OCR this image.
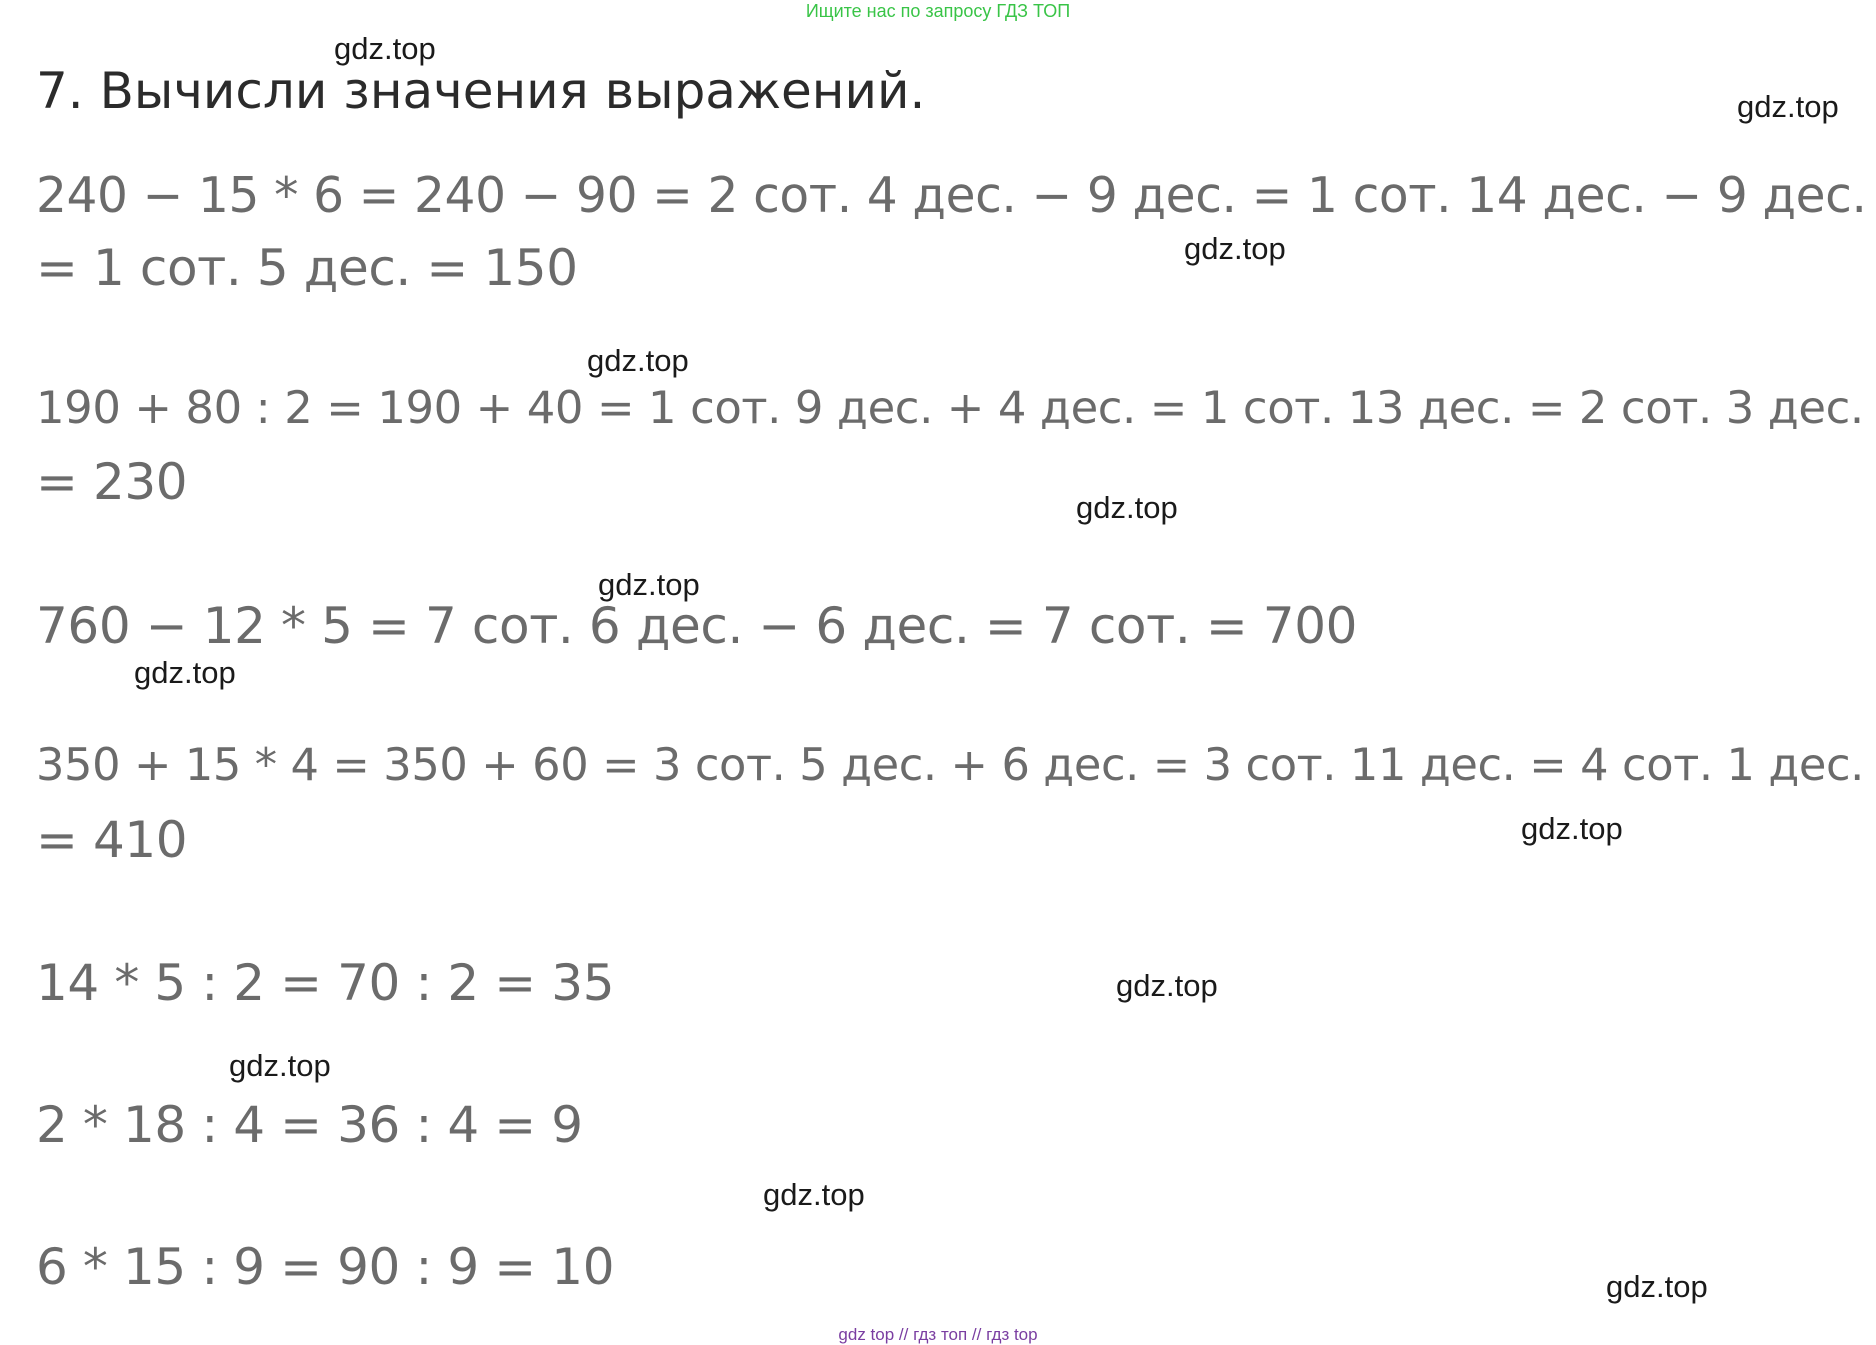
Ищите нас по запросу ГДЗ ТОП
gdz.top
7. Вычисли значения выражений.	gdz.top
240 − 15 * 6 = 240 − 90 = 2 сот. 4 дес. − 9 дес. = 1 сот. 14 дес. − 9 дес.
= 1 сот. 5 дес. = 150	gdz.top
gdz.top
190 + 80 : 2 = 190 + 40 = 1 сот. 9 дес. + 4 дес. = 1 сот. 13 дес. = 2 сот. 3 дес.
= 230	gdz.top
gdz.top
760 − 12 * 5 = 7 сот. 6 дес. − 6 дес. = 7 сот. = 700
gdz.top
350 + 15 * 4 = 350 + 60 = 3 сот. 5 дес. + 6 дес. = 3 сот. 11 дес. = 4 сот. 1 дес.
= 410	gdz.top
gdz.top
14 * 5 : 2 = 70 : 2 = 35
gdz.top
2 * 18 : 4 = 36 : 4 = 9
gdz.top
6 * 15 : 9 = 90 : 9 = 10	gdz.top
gdz top // гдз топ // гдз top
